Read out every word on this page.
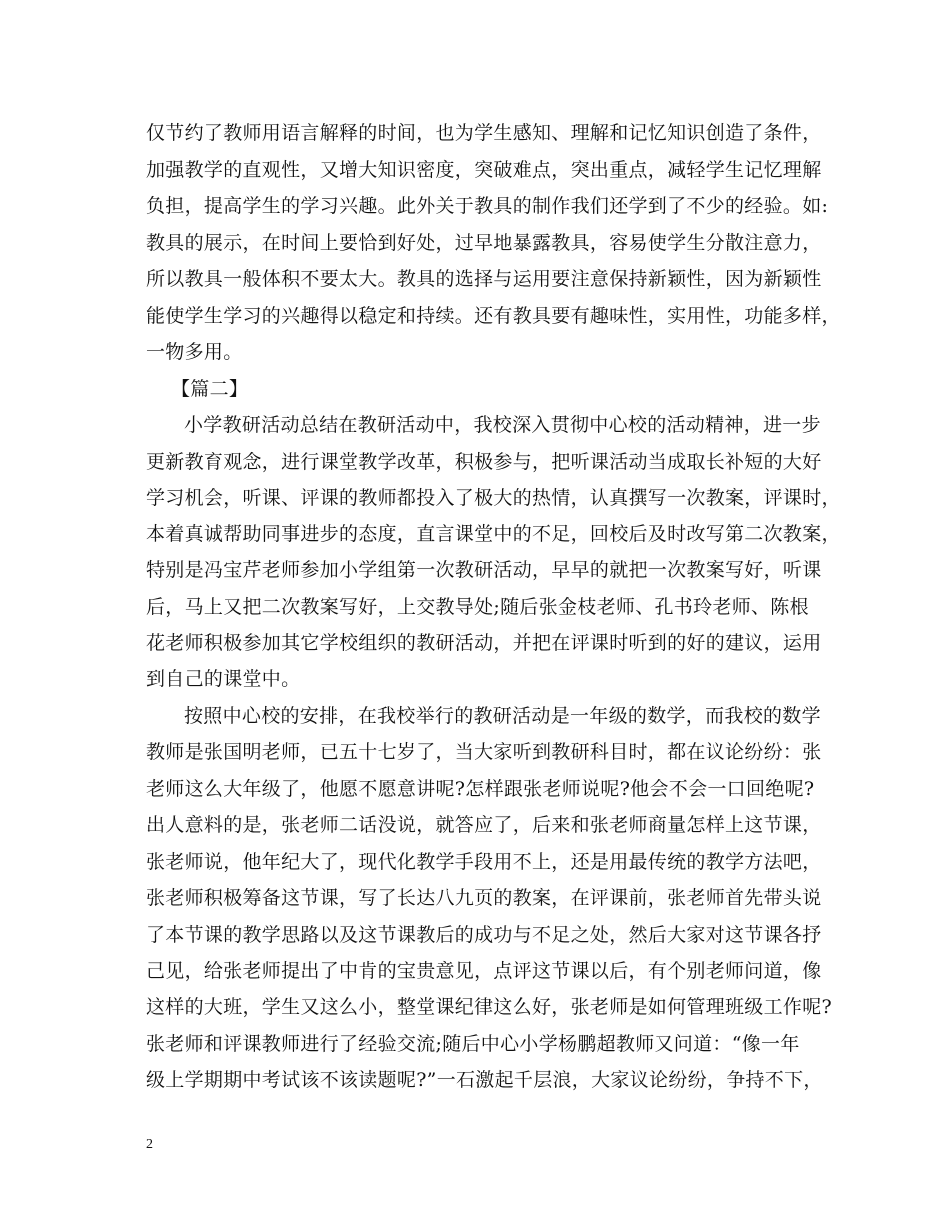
仅节约了教师用语言解释的时间，也为学生感知、理解和记忆知识创造了条件，
加强教学的直观性，又增大知识密度，突破难点，突出重点，减轻学生记忆理解
负担，提高学生的学习兴趣。此外关于教具的制作我们还学到了不少的经验。如:
教具的展示，在时间上要恰到好处，过早地暴露教具，容易使学生分散注意力，
所以教具一般体积不要太大。教具的选择与运用要注意保持新颖性，因为新颖性
能使学生学习的兴趣得以稳定和持续。还有教具要有趣味性，实用性，功能多样，
一物多用。
【篇二】
小学教研活动总结在教研活动中，我校深入贯彻中心校的活动精神，进一步
更新教育观念，进行课堂教学改革，积极参与，把听课活动当成取长补短的大好
学习机会，听课、评课的教师都投入了极大的热情，认真撰写一次教案，评课时，
本着真诚帮助同事进步的态度，直言课堂中的不足，回校后及时改写第二次教案，
特别是冯宝芹老师参加小学组第一次教研活动，早早的就把一次教案写好，听课
后，马上又把二次教案写好，上交教导处;随后张金枝老师、孔书玲老师、陈根
花老师积极参加其它学校组织的教研活动，并把在评课时听到的好的建议，运用
到自己的课堂中。
按照中心校的安排，在我校举行的教研活动是一年级的数学，而我校的数学
教师是张国明老师，已五十七岁了，当大家听到教研科目时，都在议论纷纷：张
老师这么大年级了，他愿不愿意讲呢?怎样跟张老师说呢?他会不会一口回绝呢?
出人意料的是，张老师二话没说，就答应了，后来和张老师商量怎样上这节课，
张老师说，他年纪大了，现代化教学手段用不上，还是用最传统的教学方法吧，
张老师积极筹备这节课，写了长达八九页的教案，在评课前，张老师首先带头说
了本节课的教学思路以及这节课教后的成功与不足之处，然后大家对这节课各抒
己见，给张老师提出了中肯的宝贵意见，点评这节课以后，有个别老师问道，像
这样的大班，学生又这么小，整堂课纪律这么好，张老师是如何管理班级工作呢?
张老师和评课教师进行了经验交流;随后中心小学杨鹏超教师又问道：“像一年
级上学期期中考试该不该读题呢?”一石激起千层浪，大家议论纷纷，争持不下，
2
